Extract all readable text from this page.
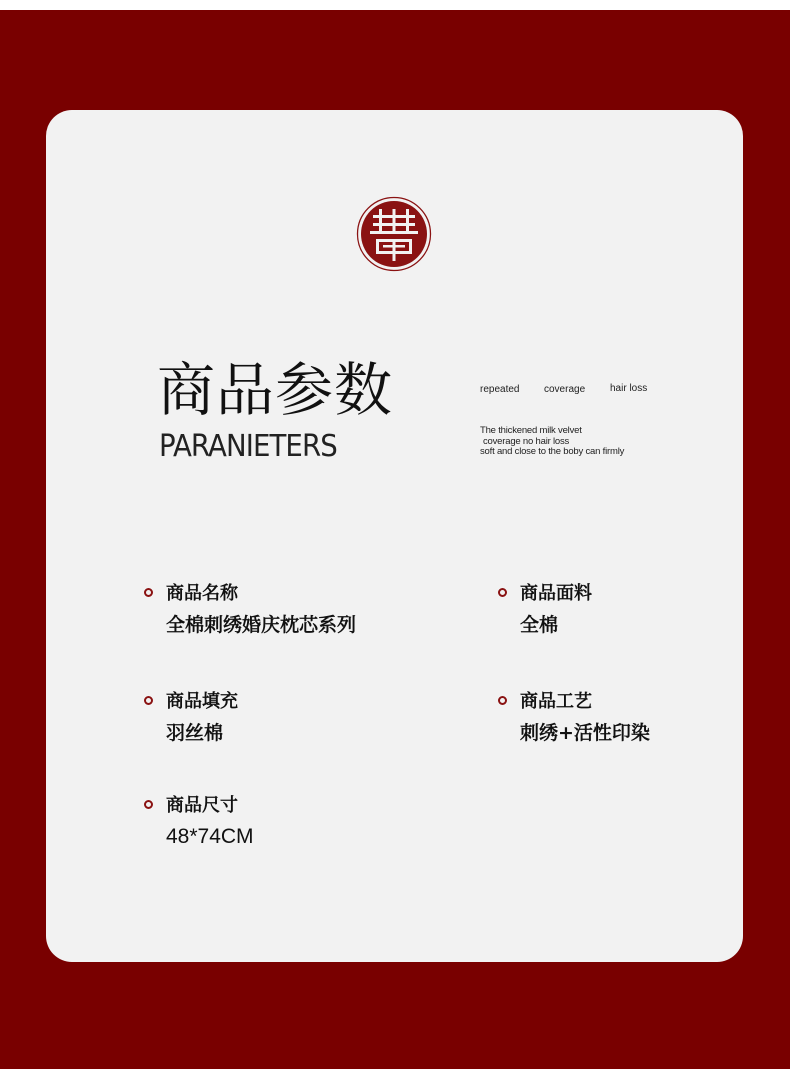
商品参数
PARANIETERS
repeated coverage hair loss
The thickened milk velvet
coverage no hair loss
soft and close to the boby can firmly
商品名称
全棉刺绣婚庆枕芯系列
商品面料
全棉
商品填充
羽丝棉
商品工艺
刺绣+活性印染
商品尺寸
48*74CM
